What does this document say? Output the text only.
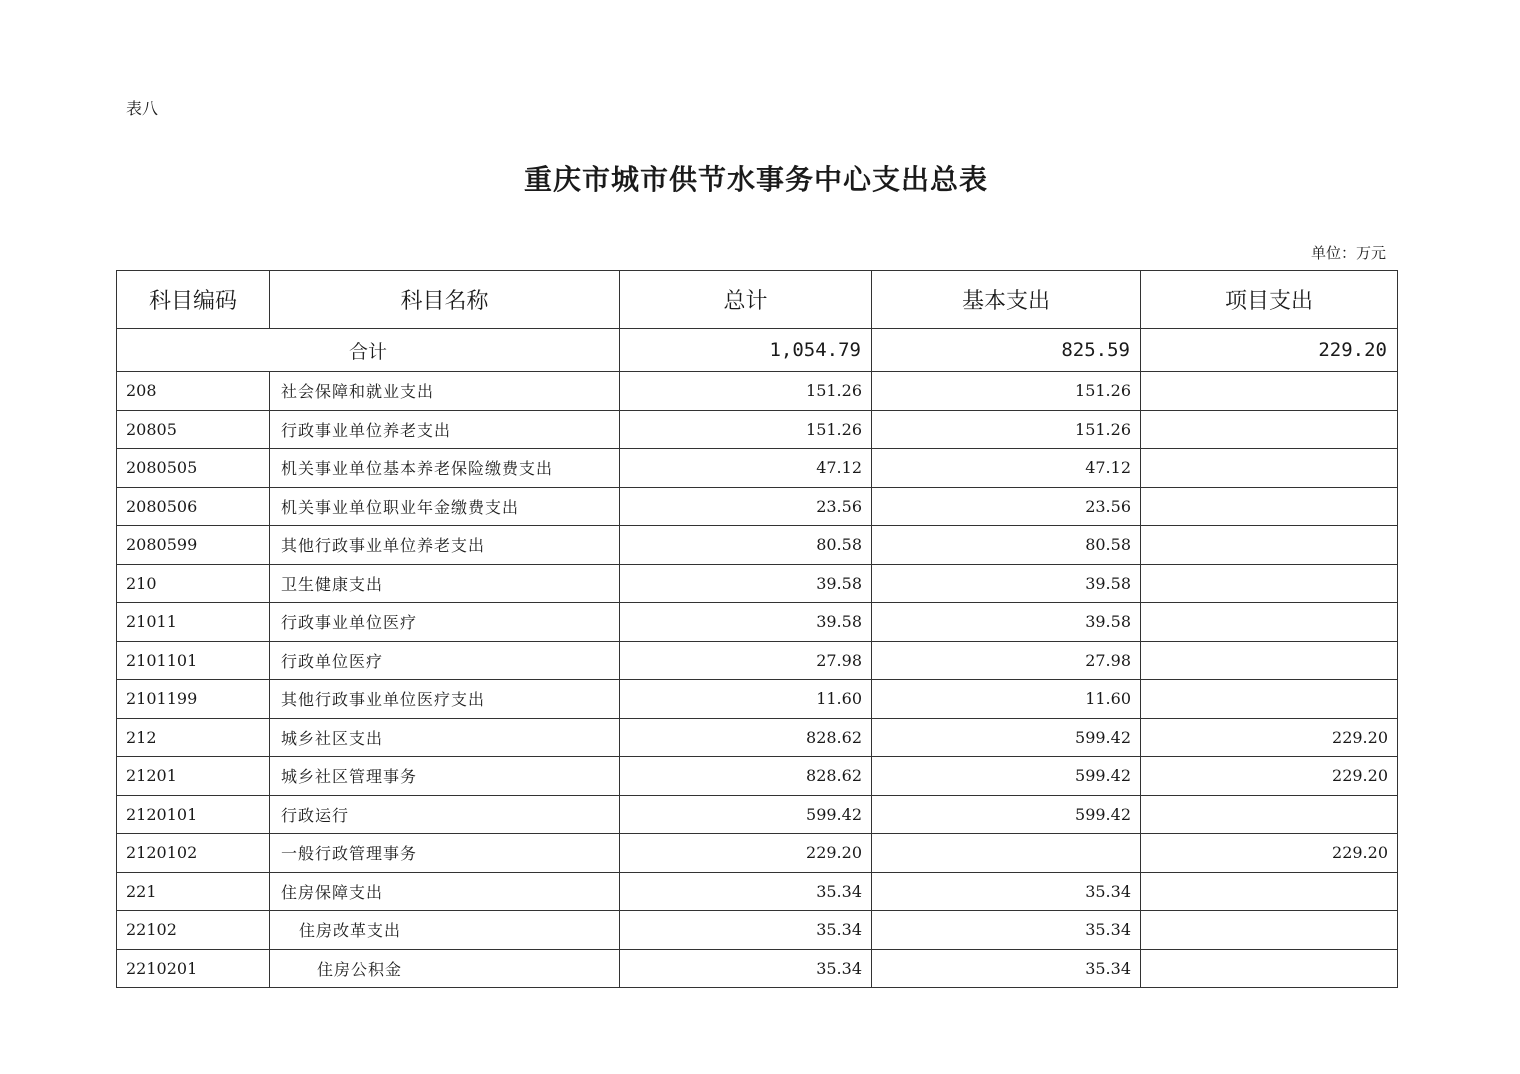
表八
重庆市城市供节水事务中心支出总表
单位：万元
科目编码	科目名称	总计	基本支出	项目支出
合计		1,054.79	825.59	229.20
208	社会保障和就业支出	151.26	151.26	
20805	行政事业单位养老支出	151.26	151.26	
2080505	机关事业单位基本养老保险缴费支出	47.12	47.12	
2080506	机关事业单位职业年金缴费支出	23.56	23.56	
2080599	其他行政事业单位养老支出	80.58	80.58	
210	卫生健康支出	39.58	39.58	
21011	行政事业单位医疗	39.58	39.58	
2101101	行政单位医疗	27.98	27.98	
2101199	其他行政事业单位医疗支出	11.60	11.60	
212	城乡社区支出	828.62	599.42	229.20
21201	城乡社区管理事务	828.62	599.42	229.20
2120101	行政运行	599.42	599.42	
2120102	一般行政管理事务	229.20		229.20
221	住房保障支出	35.34	35.34	
22102	住房改革支出	35.34	35.34	
2210201	住房公积金	35.34	35.34	
